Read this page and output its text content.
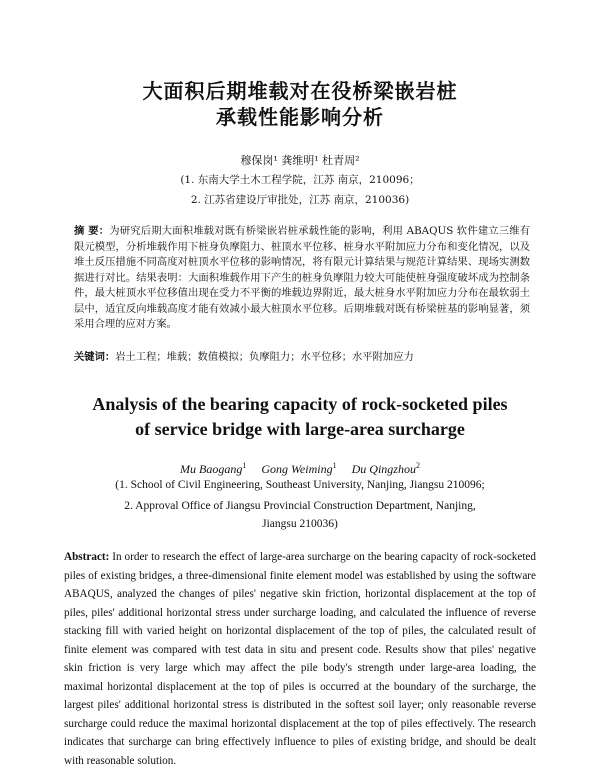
大面积后期堆载对在役桥梁嵌岩桩
承载性能影响分析
穆保岗¹ 龚维明¹ 杜青周²
(1. 东南大学土木工程学院，江苏 南京，210096；
2. 江苏省建设厅审批处，江苏 南京，210036)

摘 要：为研究后期大面积堆载对既有桥梁嵌岩桩承载性能的影响，利用 ABAQUS 软件建立三维有限元模型，分析堆载作用下桩身负摩阻力、桩顶水平位移、桩身水平附加应力分布和变化情况，以及堆土反压措施不同高度对桩顶水平位移的影响情况，将有限元计算结果与规范计算结果、现场实测数据进行对比。结果表明：大面积堆载作用下产生的桩身负摩阻力较大可能使桩身强度破坏成为控制条件，最大桩顶水平位移值出现在受力不平衡的堆载边界附近，最大桩身水平附加应力分布在最软弱土层中，适宜反向堆载高度才能有效减小最大桩顶水平位移。后期堆载对既有桥梁桩基的影响显著，须采用合理的应对方案。

关键词：岩土工程；堆载；数值模拟；负摩阻力；水平位移；水平附加应力

Analysis of the bearing capacity of rock-socketed piles
of service bridge with large-area surcharge
Mu Baogang$^1$ Gong Weiming$^1$ Du Qingzhou$^2$
(1. School of Civil Engineering, Southeast University, Nanjing, Jiangsu 210096;
2. Approval Office of Jiangsu Provincial Construction Department, Nanjing,
Jiangsu 210036)

Abstract: In order to research the effect of large-area surcharge on the bearing capacity of rock-socketed piles of existing bridges, a three-dimensional finite element model was established by using the software ABAQUS, analyzed the changes of piles' negative skin friction, horizontal displacement at the top of piles, piles' additional horizontal stress under surcharge loading, and calculated the influence of reverse stacking fill with varied height on horizontal displacement of the top of piles, the calculated result of finite element was compared with test data in situ and present code. Results show that piles' negative skin friction is very large which may affect the pile body's strength under large-area loading, the maximal horizontal displacement at the top of piles is occurred at the boundary of the surcharge, the largest piles' additional horizontal stress is distributed in the softest soil layer; only reasonable reverse surcharge could reduce the maximal horizontal displacement at the top of piles effectively. The research indicates that surcharge can bring effectively influence to piles of existing bridge, and should be dealt with reasonable solution.
